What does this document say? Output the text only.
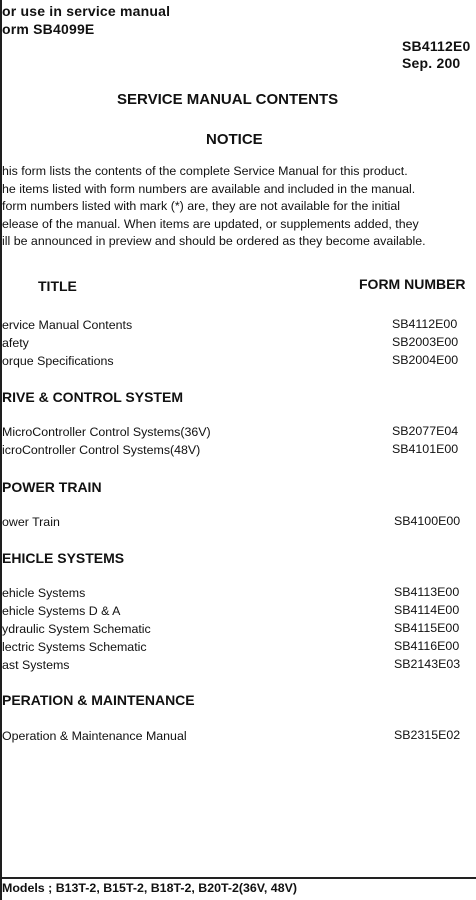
or use in service manual
orm SB4099E
SB4112E0
Sep. 200
SERVICE MANUAL CONTENTS
NOTICE
his form lists the contents of the complete Service Manual for this product.
he items listed with form numbers are available and included in the manual.
form numbers listed with mark (*) are, they are not available for the initial
elease of the manual. When items are updated, or supplements added, they
ill be announced in preview and should be ordered as they become available.
TITLE	FORM NUMBER
ervice Manual Contents	SB4112E00
afety	SB2003E00
orque Specifications	SB2004E00
RIVE & CONTROL SYSTEM
MicroController Control Systems(36V)	SB2077E04
icroController Control Systems(48V)	SB4101E00
POWER TRAIN
ower Train	SB4100E00
EHICLE SYSTEMS
ehicle Systems	SB4113E00
ehicle Systems D & A	SB4114E00
ydraulic System Schematic	SB4115E00
lectric Systems Schematic	SB4116E00
ast Systems	SB2143E03
PERATION & MAINTENANCE
Operation & Maintenance Manual	SB2315E02
Models ; B13T-2, B15T-2, B18T-2, B20T-2(36V, 48V)
